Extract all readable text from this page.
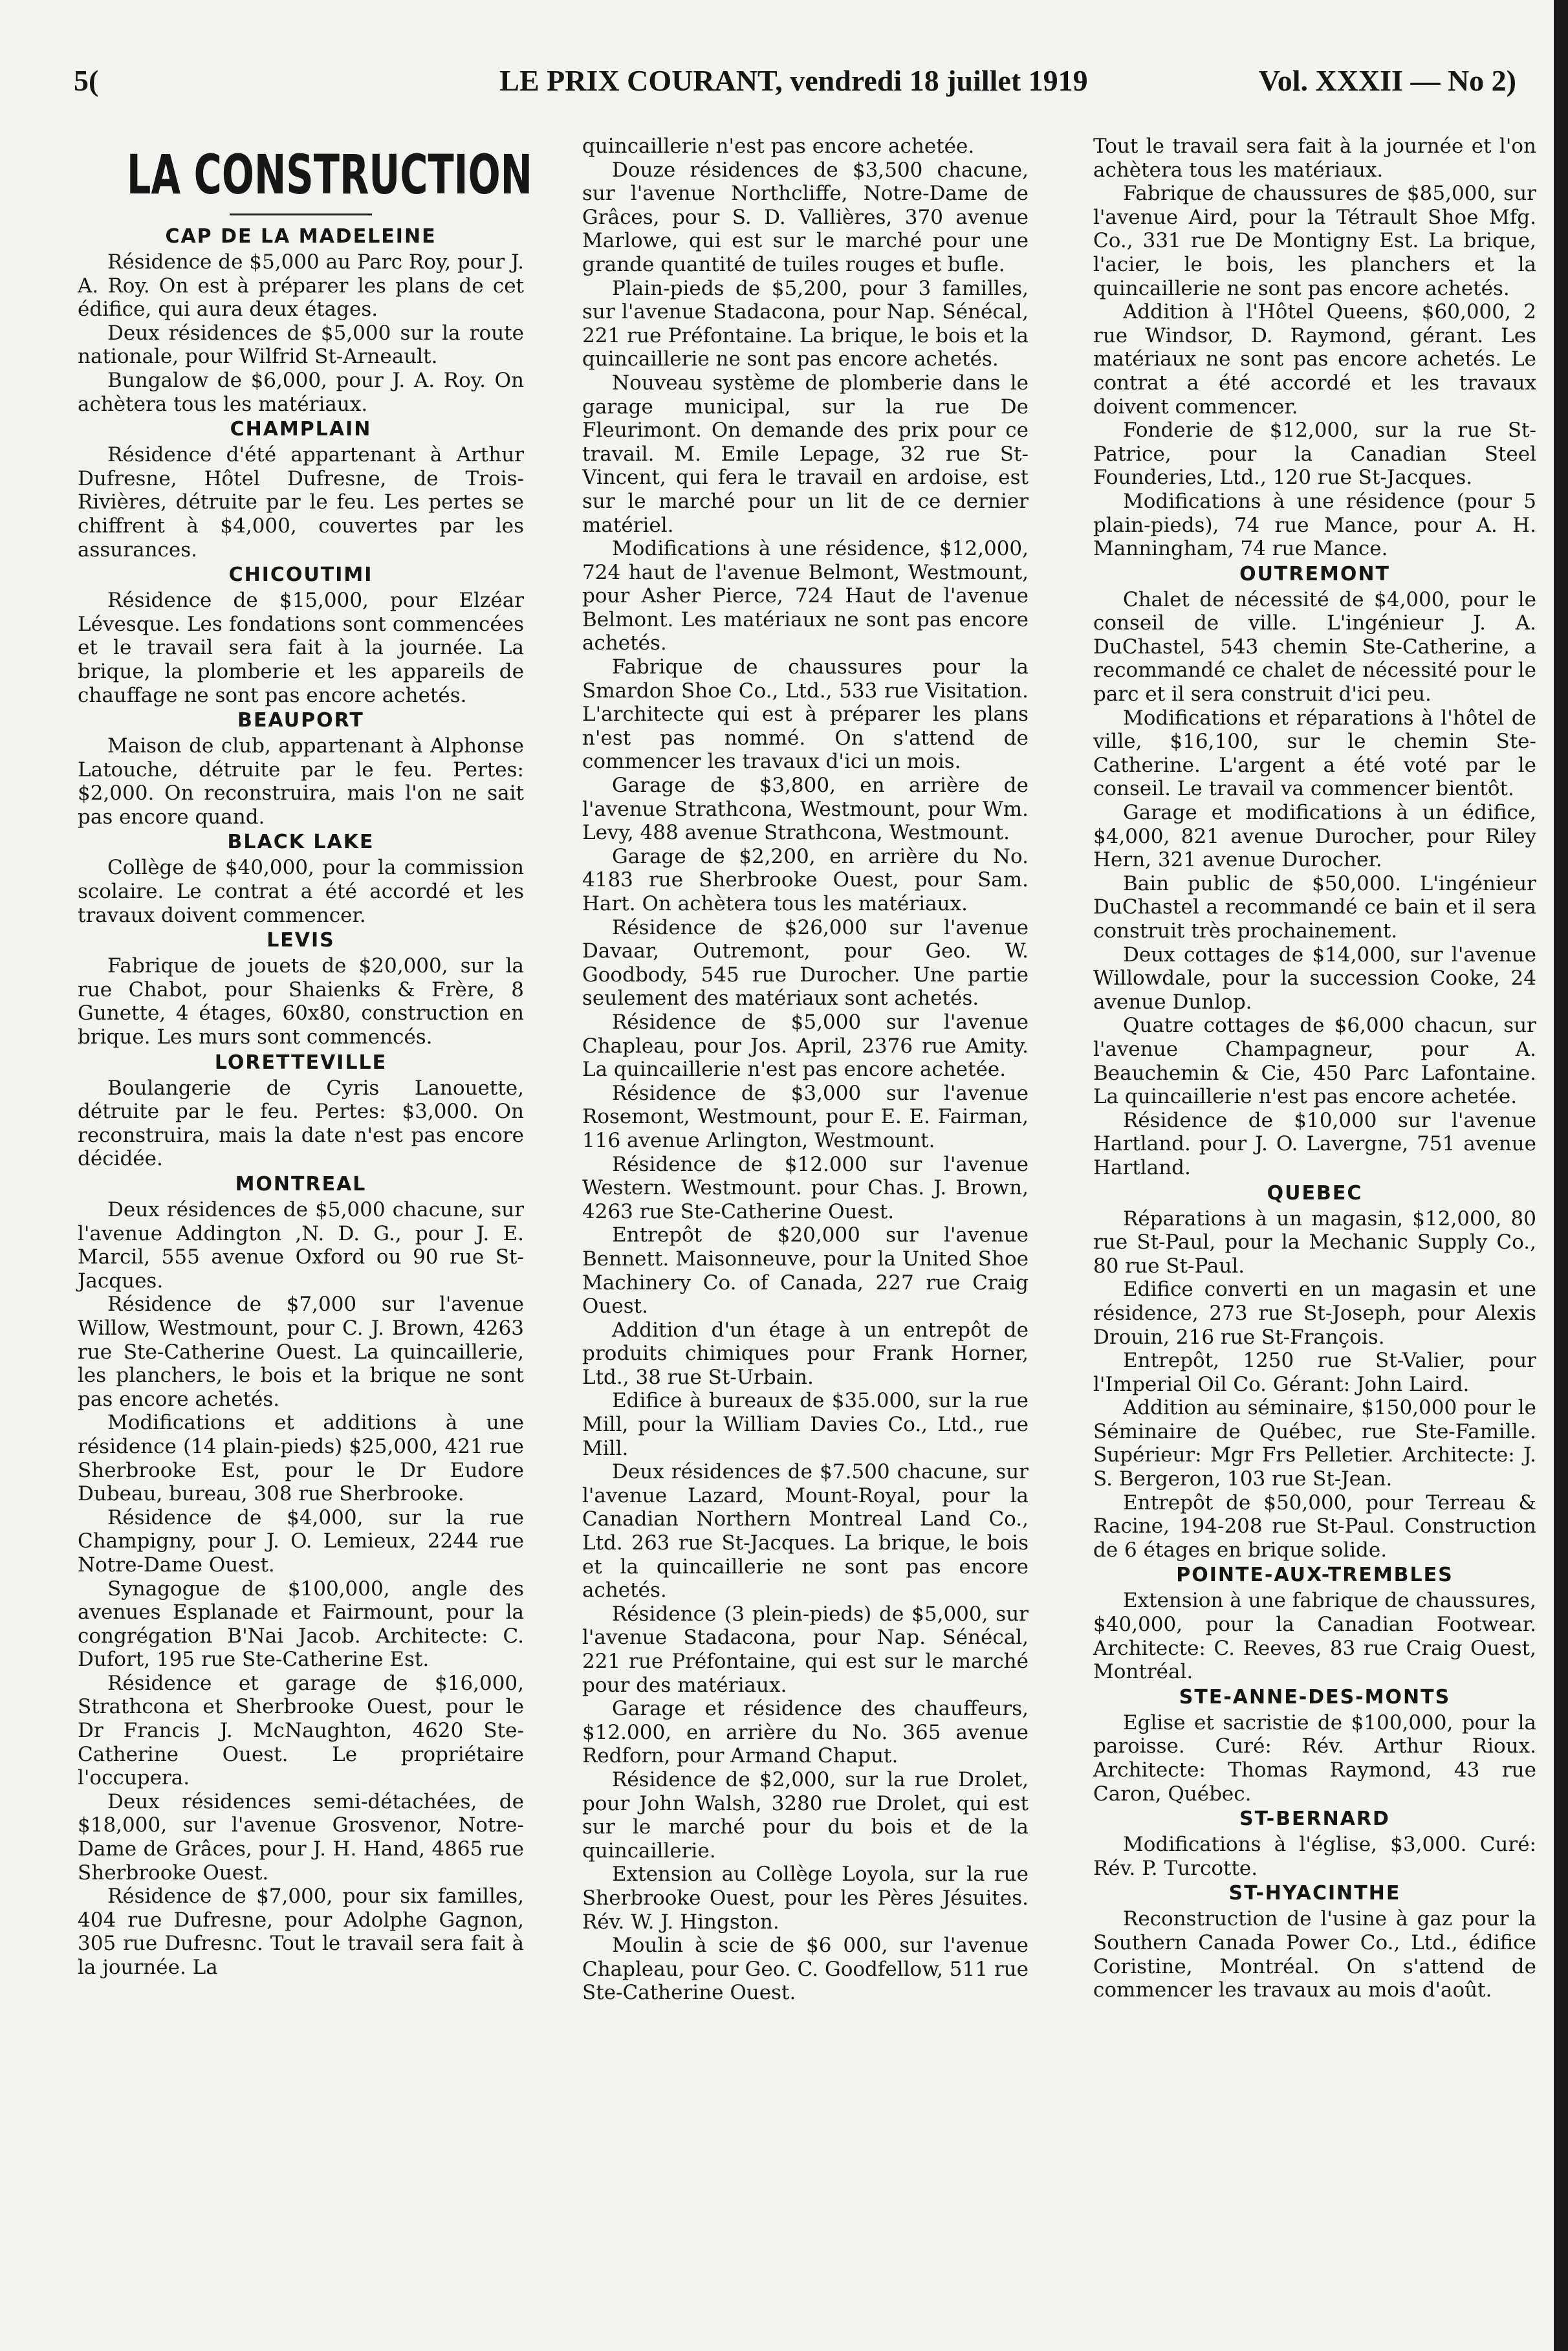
5(	LE PRIX COURANT, vendredi 18 juillet 1919	Vol. XXXII — No 2)
LA CONSTRUCTION
CAP DE LA MADELEINE

Résidence de $5,000 au Parc Roy, pour J. A. Roy. On est à préparer les plans de cet édifice, qui aura deux étages.

Deux résidences de $5,000 sur la route nationale, pour Wilfrid St-Arneault.

Bungalow de $6,000, pour J. A. Roy. On achètera tous les matériaux.

CHAMPLAIN

Résidence d'été appartenant à Arthur Dufresne, Hôtel Dufresne, de Trois-Rivières, détruite par le feu. Les pertes se chiffrent à $4,000, couvertes par les assurances.

CHICOUTIMI

Résidence de $15,000, pour Elzéar Lévesque. Les fondations sont commencées et le travail sera fait à la journée. La brique, la plomberie et les appareils de chauffage ne sont pas encore achetés.

BEAUPORT

Maison de club, appartenant à Alphonse Latouche, détruite par le feu. Pertes: $2,000. On reconstruira, mais l'on ne sait pas encore quand.

BLACK LAKE

Collège de $40,000, pour la commission scolaire. Le contrat a été accordé et les travaux doivent commencer.

LEVIS

Fabrique de jouets de $20,000, sur la rue Chabot, pour Shaienks & Frère, 8 Gunette, 4 étages, 60x80, construction en brique. Les murs sont commencés.

LORETTEVILLE

Boulangerie de Cyris Lanouette, détruite par le feu. Pertes: $3,000. On reconstruira, mais la date n'est pas encore décidée.

MONTREAL

Deux résidences de $5,000 chacune, sur l'avenue Addington ,N. D. G., pour J. E. Marcil, 555 avenue Oxford ou 90 rue St-Jacques.

Résidence de $7,000 sur l'avenue Willow, Westmount, pour C. J. Brown, 4263 rue Ste-Catherine Ouest. La quincaillerie, les planchers, le bois et la brique ne sont pas encore achetés.

Modifications et additions à une résidence (14 plain-pieds) $25,000, 421 rue Sherbrooke Est, pour le Dr Eudore Dubeau, bureau, 308 rue Sherbrooke.

Résidence de $4,000, sur la rue Champigny, pour J. O. Lemieux, 2244 rue Notre-Dame Ouest.

Synagogue de $100,000, angle des avenues Esplanade et Fairmount, pour la congrégation B'Nai Jacob. Architecte: C. Dufort, 195 rue Ste-Catherine Est.

Résidence et garage de $16,000, Strathcona et Sherbrooke Ouest, pour le Dr Francis J. McNaughton, 4620 Ste-Catherine Ouest. Le propriétaire l'occupera.

Deux résidences semi-détachées, de $18,000, sur l'avenue Grosvenor, Notre-Dame de Grâces, pour J. H. Hand, 4865 rue Sherbrooke Ouest.

Résidence de $7,000, pour six familles, 404 rue Dufresne, pour Adolphe Gagnon, 305 rue Dufresnc. Tout le travail sera fait à la journée. La

quincaillerie n'est pas encore achetée.

Douze résidences de $3,500 chacune, sur l'avenue Northcliffe, Notre-Dame de Grâces, pour S. D. Vallières, 370 avenue Marlowe, qui est sur le marché pour une grande quantité de tuiles rouges et bufle.

Plain-pieds de $5,200, pour 3 familles, sur l'avenue Stadacona, pour Nap. Sénécal, 221 rue Préfontaine. La brique, le bois et la quincaillerie ne sont pas encore achetés.

Nouveau système de plomberie dans le garage municipal, sur la rue De Fleurimont. On demande des prix pour ce travail. M. Emile Lepage, 32 rue St-Vincent, qui fera le travail en ardoise, est sur le marché pour un lit de ce dernier matériel.

Modifications à une résidence, $12,000, 724 haut de l'avenue Belmont, Westmount, pour Asher Pierce, 724 Haut de l'avenue Belmont. Les matériaux ne sont pas encore achetés.

Fabrique de chaussures pour la Smardon Shoe Co., Ltd., 533 rue Visitation. L'architecte qui est à préparer les plans n'est pas nommé. On s'attend de commencer les travaux d'ici un mois.

Garage de $3,800, en arrière de l'avenue Strathcona, Westmount, pour Wm. Levy, 488 avenue Strathcona, Westmount.

Garage de $2,200, en arrière du No. 4183 rue Sherbrooke Ouest, pour Sam. Hart. On achètera tous les matériaux.

Résidence de $26,000 sur l'avenue Davaar, Outremont, pour Geo. W. Goodbody, 545 rue Durocher. Une partie seulement des matériaux sont achetés.

Résidence de $5,000 sur l'avenue Chapleau, pour Jos. April, 2376 rue Amity. La quincaillerie n'est pas encore achetée.

Résidence de $3,000 sur l'avenue Rosemont, Westmount, pour E. E. Fairman, 116 avenue Arlington, Westmount.

Résidence de $12.000 sur l'avenue Western. Westmount. pour Chas. J. Brown, 4263 rue Ste-Catherine Ouest.

Entrepôt de $20,000 sur l'avenue Bennett. Maisonneuve, pour la United Shoe Machinery Co. of Canada, 227 rue Craig Ouest.

Addition d'un étage à un entrepôt de produits chimiques pour Frank Horner, Ltd., 38 rue St-Urbain.

Edifice à bureaux de $35.000, sur la rue Mill, pour la William Davies Co., Ltd., rue Mill.

Deux résidences de $7.500 chacune, sur l'avenue Lazard, Mount-Royal, pour la Canadian Northern Montreal Land Co., Ltd. 263 rue St-Jacques. La brique, le bois et la quincaillerie ne sont pas encore achetés.

Résidence (3 plein-pieds) de $5,000, sur l'avenue Stadacona, pour Nap. Sénécal, 221 rue Préfontaine, qui est sur le marché pour des matériaux.

Garage et résidence des chauffeurs, $12.000, en arrière du No. 365 avenue Redforn, pour Armand Chaput.

Résidence de $2,000, sur la rue Drolet, pour John Walsh, 3280 rue Drolet, qui est sur le marché pour du bois et de la quincaillerie.

Extension au Collège Loyola, sur la rue Sherbrooke Ouest, pour les Pères Jésuites. Rév. W. J. Hingston.

Moulin à scie de $6 000, sur l'avenue Chapleau, pour Geo. C. Goodfellow, 511 rue Ste-Catherine Ouest.

Tout le travail sera fait à la journée et l'on achètera tous les matériaux.

Fabrique de chaussures de $85,000, sur l'avenue Aird, pour la Tétrault Shoe Mfg. Co., 331 rue De Montigny Est. La brique, l'acier, le bois, les planchers et la quincaillerie ne sont pas encore achetés.

Addition à l'Hôtel Queens, $60,000, 2 rue Windsor, D. Raymond, gérant. Les matériaux ne sont pas encore achetés. Le contrat a été accordé et les travaux doivent commencer.

Fonderie de $12,000, sur la rue St-Patrice, pour la Canadian Steel Founderies, Ltd., 120 rue St-Jacques.

Modifications à une résidence (pour 5 plain-pieds), 74 rue Mance, pour A. H. Manningham, 74 rue Mance.

OUTREMONT

Chalet de nécessité de $4,000, pour le conseil de ville. L'ingénieur J. A. DuChastel, 543 chemin Ste-Catherine, a recommandé ce chalet de nécessité pour le parc et il sera construit d'ici peu.

Modifications et réparations à l'hôtel de ville, $16,100, sur le chemin Ste-Catherine. L'argent a été voté par le conseil. Le travail va commencer bientôt.

Garage et modifications à un édifice, $4,000, 821 avenue Durocher, pour Riley Hern, 321 avenue Durocher.

Bain public de $50,000. L'ingénieur DuChastel a recommandé ce bain et il sera construit très prochainement.

Deux cottages de $14,000, sur l'avenue Willowdale, pour la succession Cooke, 24 avenue Dunlop.

Quatre cottages de $6,000 chacun, sur l'avenue Champagneur, pour A. Beauchemin & Cie, 450 Parc Lafontaine. La quincaillerie n'est pas encore achetée.

Résidence de $10,000 sur l'avenue Hartland. pour J. O. Lavergne, 751 avenue Hartland.

QUEBEC

Réparations à un magasin, $12,000, 80 rue St-Paul, pour la Mechanic Supply Co., 80 rue St-Paul.

Edifice converti en un magasin et une résidence, 273 rue St-Joseph, pour Alexis Drouin, 216 rue St-François.

Entrepôt, 1250 rue St-Valier, pour l'Imperial Oil Co. Gérant: John Laird.

Addition au séminaire, $150,000 pour le Séminaire de Québec, rue Ste-Famille. Supérieur: Mgr Frs Pelletier. Architecte: J. S. Bergeron, 103 rue St-Jean.

Entrepôt de $50,000, pour Terreau & Racine, 194-208 rue St-Paul. Construction de 6 étages en brique solide.

POINTE-AUX-TREMBLES

Extension à une fabrique de chaussures, $40,000, pour la Canadian Footwear. Architecte: C. Reeves, 83 rue Craig Ouest, Montréal.

STE-ANNE-DES-MONTS

Eglise et sacristie de $100,000, pour la paroisse. Curé: Rév. Arthur Rioux. Architecte: Thomas Raymond, 43 rue Caron, Québec.

ST-BERNARD

Modifications à l'église, $3,000. Curé: Rév. P. Turcotte.

ST-HYACINTHE

Reconstruction de l'usine à gaz pour la Southern Canada Power Co., Ltd., édifice Coristine, Montréal. On s'attend de commencer les travaux au mois d'août.
